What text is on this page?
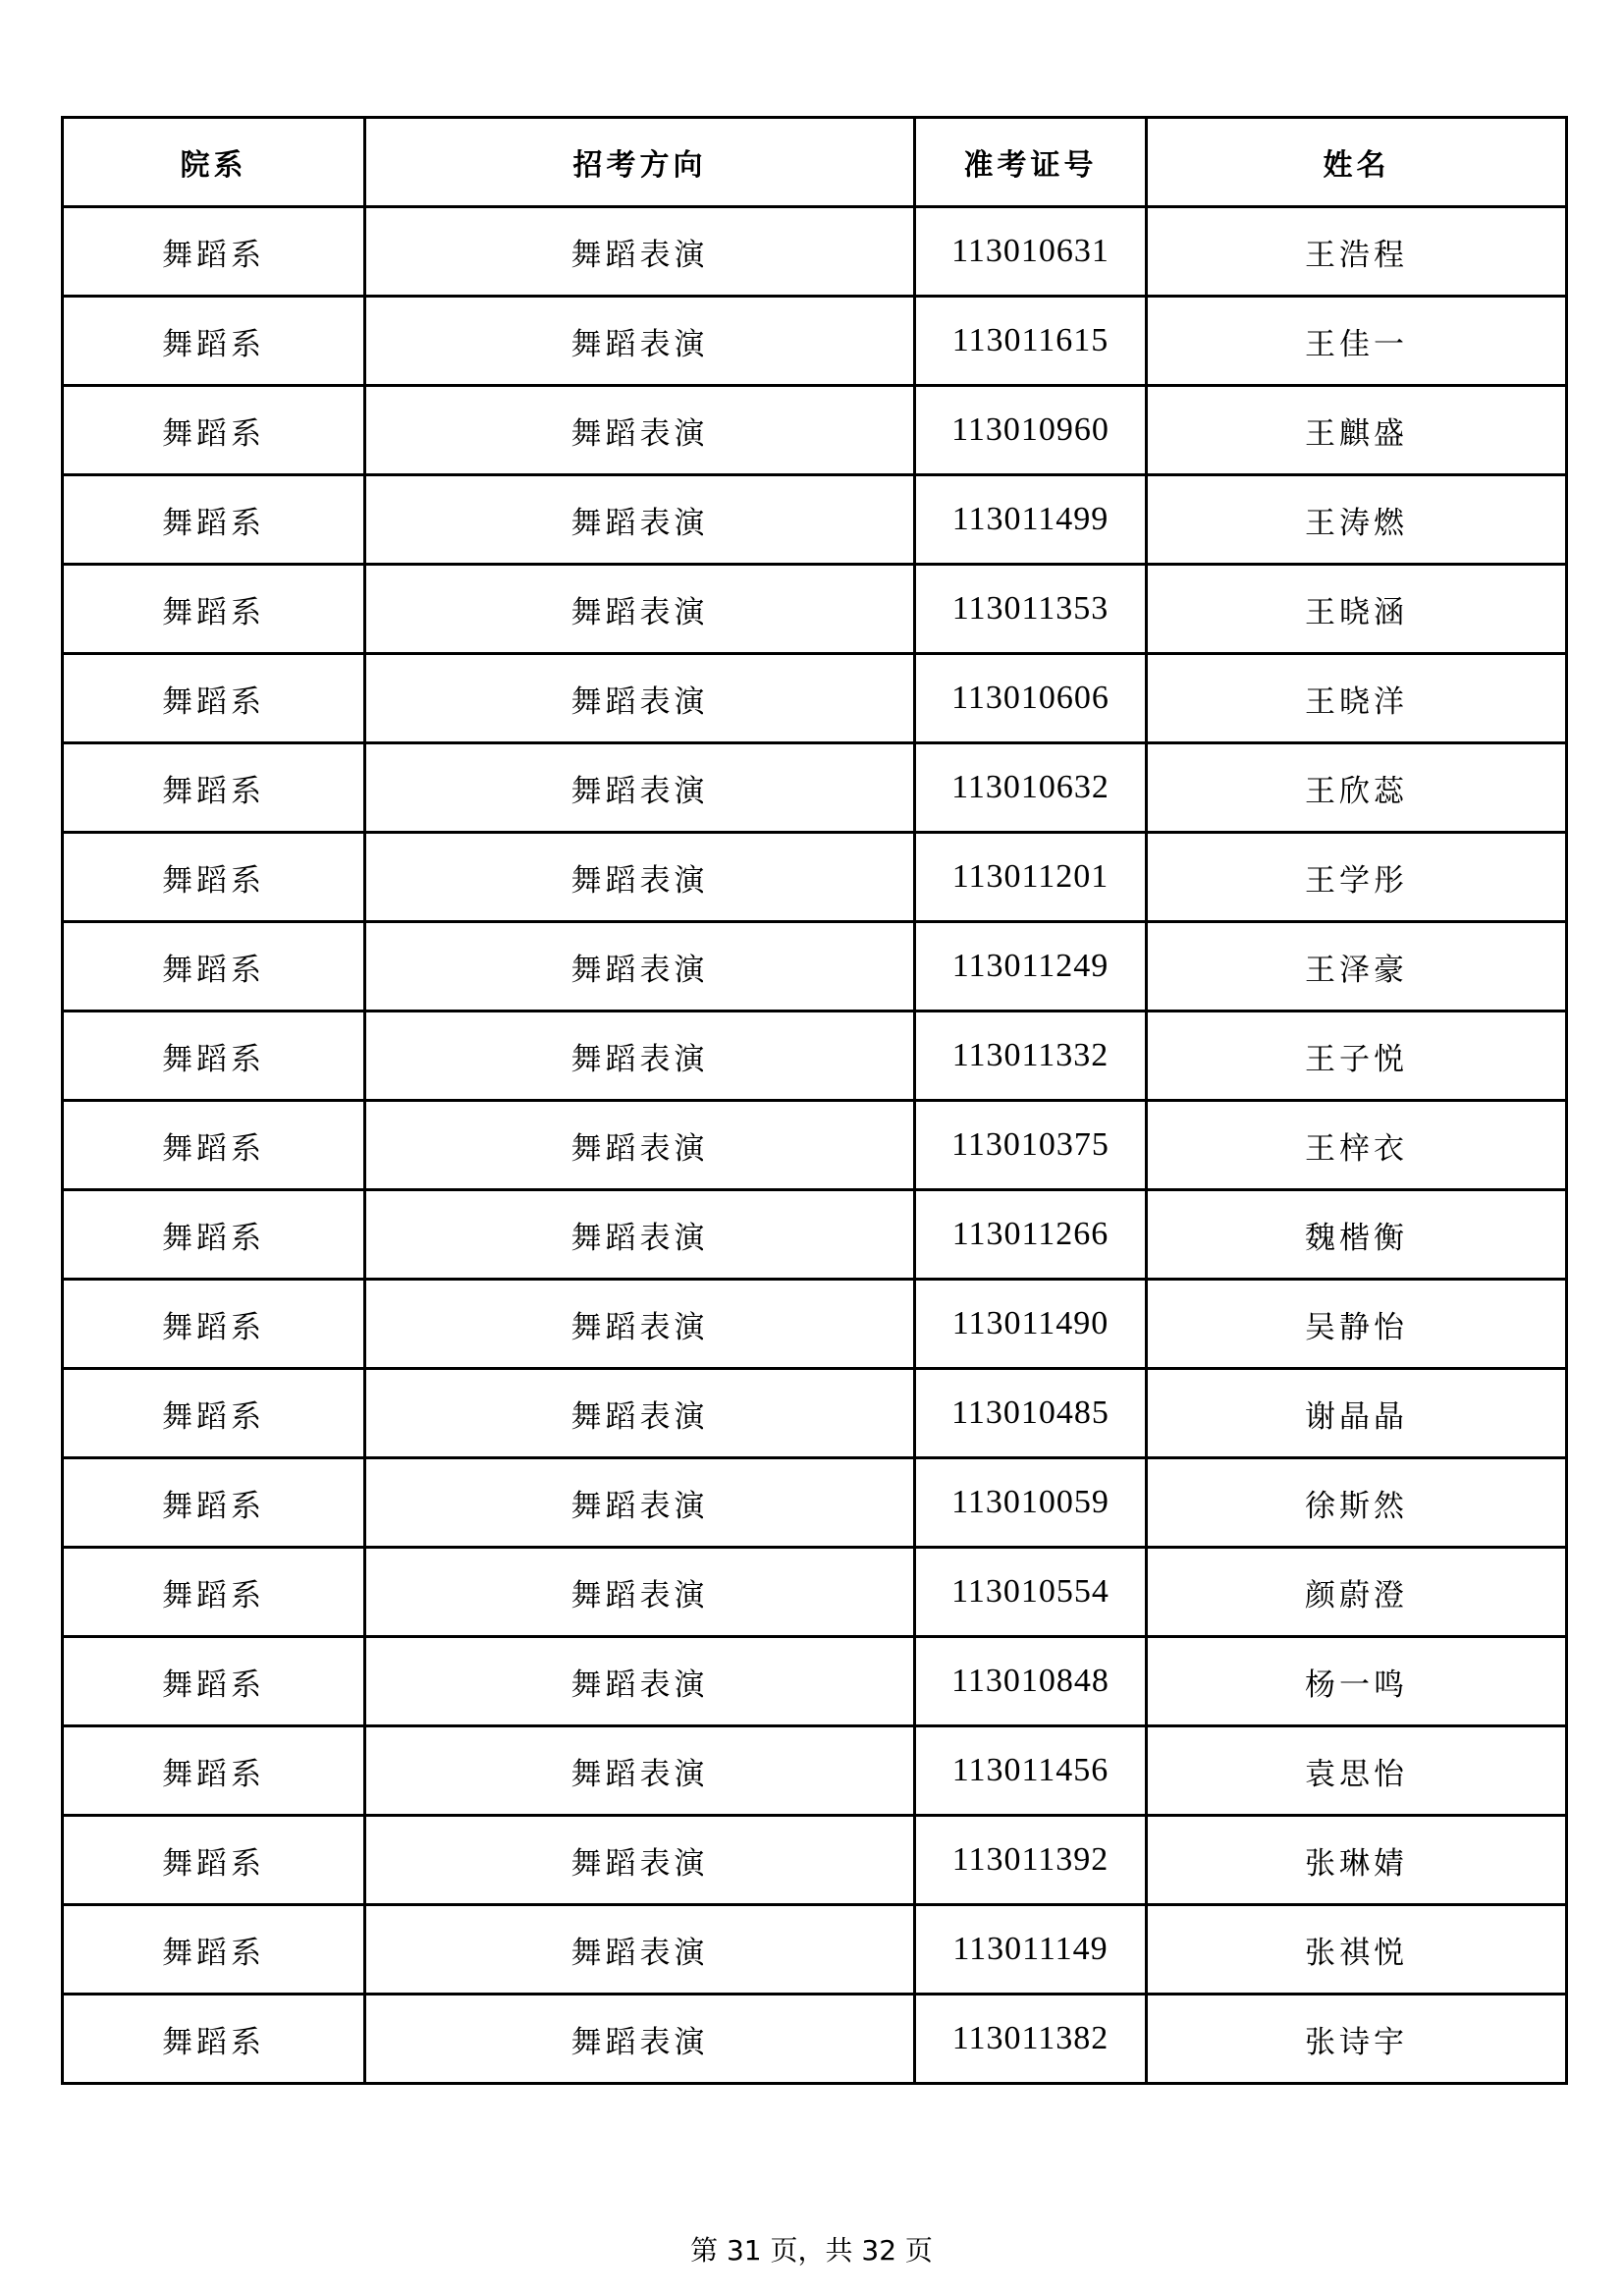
院系	招考方向	准考证号	姓名
舞蹈系	舞蹈表演	113010631	王浩程
舞蹈系	舞蹈表演	113011615	王佳一
舞蹈系	舞蹈表演	113010960	王麒盛
舞蹈系	舞蹈表演	113011499	王涛燃
舞蹈系	舞蹈表演	113011353	王晓涵
舞蹈系	舞蹈表演	113010606	王晓洋
舞蹈系	舞蹈表演	113010632	王欣蕊
舞蹈系	舞蹈表演	113011201	王学彤
舞蹈系	舞蹈表演	113011249	王泽豪
舞蹈系	舞蹈表演	113011332	王子悦
舞蹈系	舞蹈表演	113010375	王梓衣
舞蹈系	舞蹈表演	113011266	魏楷衡
舞蹈系	舞蹈表演	113011490	吴静怡
舞蹈系	舞蹈表演	113010485	谢晶晶
舞蹈系	舞蹈表演	113010059	徐斯然
舞蹈系	舞蹈表演	113010554	颜蔚澄
舞蹈系	舞蹈表演	113010848	杨一鸣
舞蹈系	舞蹈表演	113011456	袁思怡
舞蹈系	舞蹈表演	113011392	张琳婧
舞蹈系	舞蹈表演	113011149	张祺悦
舞蹈系	舞蹈表演	113011382	张诗宇
第 31 页，共 32 页
